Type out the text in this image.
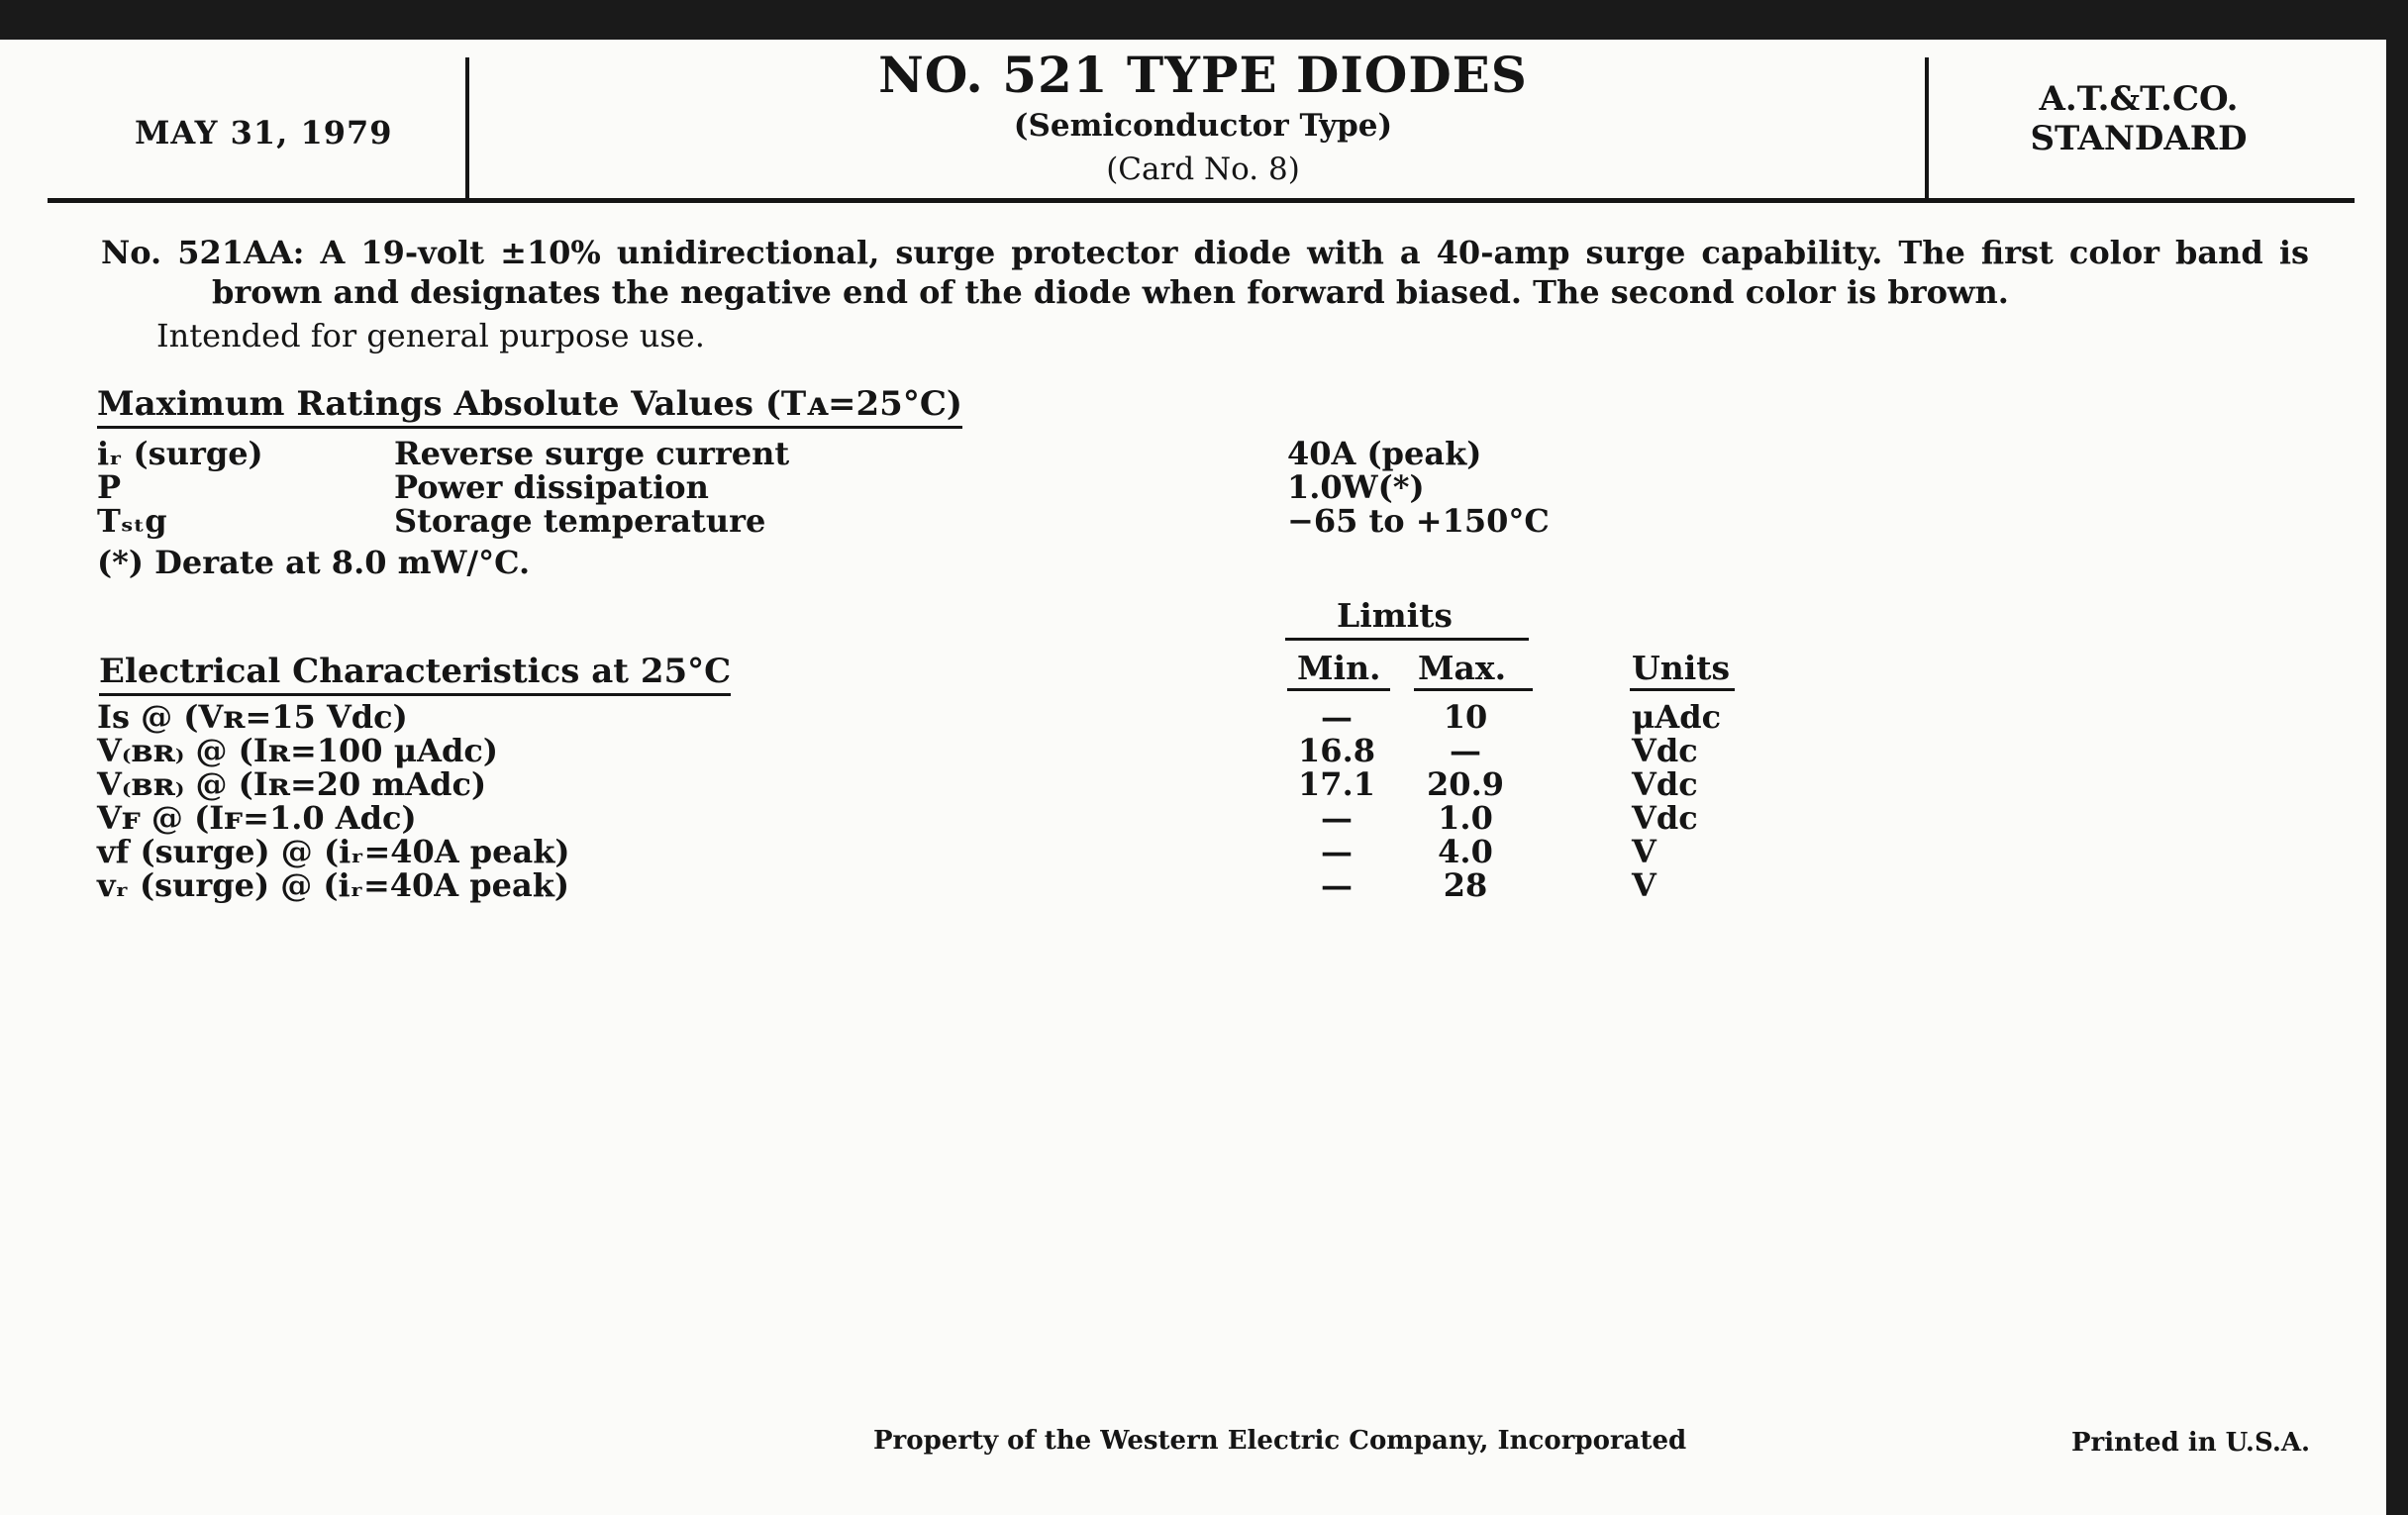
MAY 31, 1979
NO. 521 TYPE DIODES
(Semiconductor Type)
(Card No. 8)
A.T.&T.CO.
STANDARD
No. 521AA: A 19-volt ±10% unidirectional, surge protector diode with a 40-amp surge capability. The first color band is brown and designates the negative end of the diode when forward biased. The second color is brown.
Intended for general purpose use.
Maximum Ratings Absolute Values (Tᴀ=25°C)
iᵣ (surge)	Reverse surge current	40A (peak)
P	Power dissipation	1.0W(*)
Tₛₜg	Storage temperature	−65 to +150°C
(*) Derate at 8.0 mW/°C.
Limits
Electrical Characteristics at 25°C	Min. Max.	Units
Iѕ @ (Vʀ=15 Vdc)	—	10	μAdc
V₍ʙʀ₎ @ (Iʀ=100 μAdc)	16.8	—	Vdc
V₍ʙʀ₎ @ (Iʀ=20 mAdc)	17.1	20.9	Vdc
Vꜰ @ (Iꜰ=1.0 Adc)	—	1.0	Vdc
vf (surge) @ (iᵣ=40A peak)	—	4.0	V
vᵣ (surge) @ (iᵣ=40A peak)	—	28	V
Property of the Western Electric Company, Incorporated	Printed in U.S.A.
